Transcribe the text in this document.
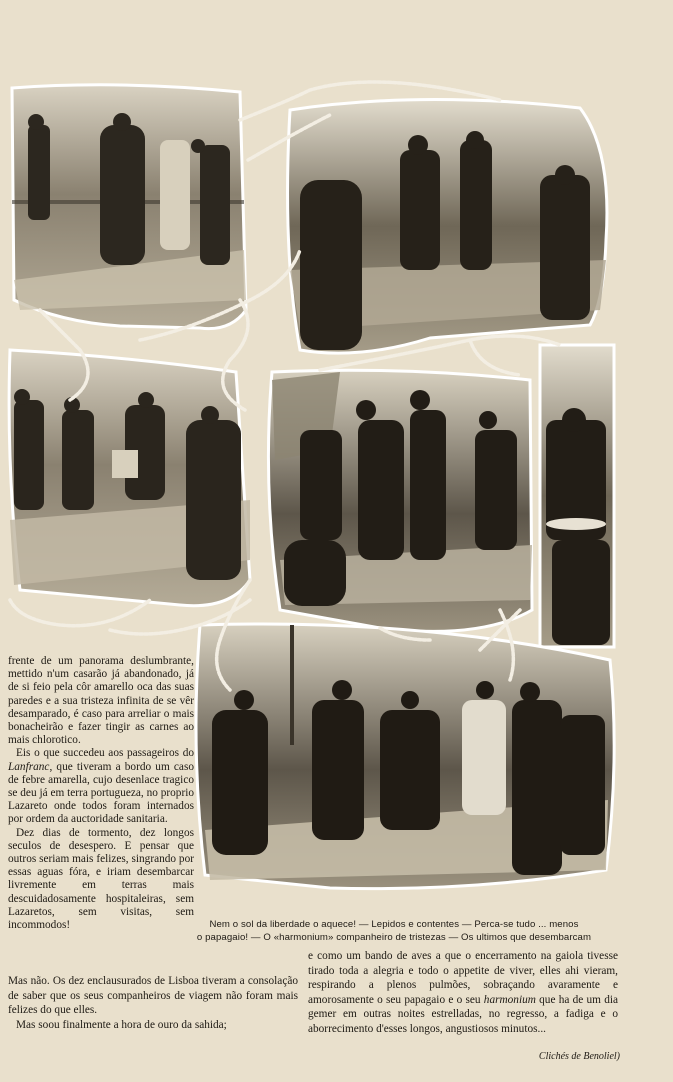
frente de um panorama deslumbrante, mettido n'um casarão já abandonado, já de si feio pela côr amarello oca das suas paredes e a sua tristeza infinita de se vêr desamparado, é caso para arreliar o mais bonacheirão e fazer tingir as carnes ao mais chlorotico.

Eis o que succedeu aos passageiros do Lanfranc, que tiveram a bordo um caso de febre amarella, cujo desenlace tragico se deu já em terra portugueza, no proprio Lazareto onde todos foram internados por ordem da auctoridade sanitaria.

Dez dias de tormento, dez longos seculos de desespero. E pensar que outros seriam mais felizes, singrando por essas aguas fóra, e iriam desembarcar livremente em terras mais descuidadosamente hospitaleiras, sem Lazaretos, sem visitas, sem incommodos!	Nem o sol da liberdade o aquece! — Lepidos e contentes — Perca-se tudo ... menos
o papagaio! — O «harmonium» companheiro de tristezas — Os ultimos que desembarcam

Mas não. Os dez enclausurados de Lisboa tiveram a consolação de saber que os seus companheiros de viagem não foram mais felizes do que elles.

Mas soou finalmente a hora de ouro da sahida;

e como um bando de aves a que o encerramento na gaiola tivesse tirado toda a alegria e todo o appetite de viver, elles ahi vieram, respirando a plenos pulmões, sobraçando avaramente e amorosamente o seu papagaio e o seu harmonium que ha de um dia gemer em outras noites estrelladas, no regresso, a fadiga e o aborrecimento d'esses longos, angustiosos minutos...

Clichés de Benoliel)
